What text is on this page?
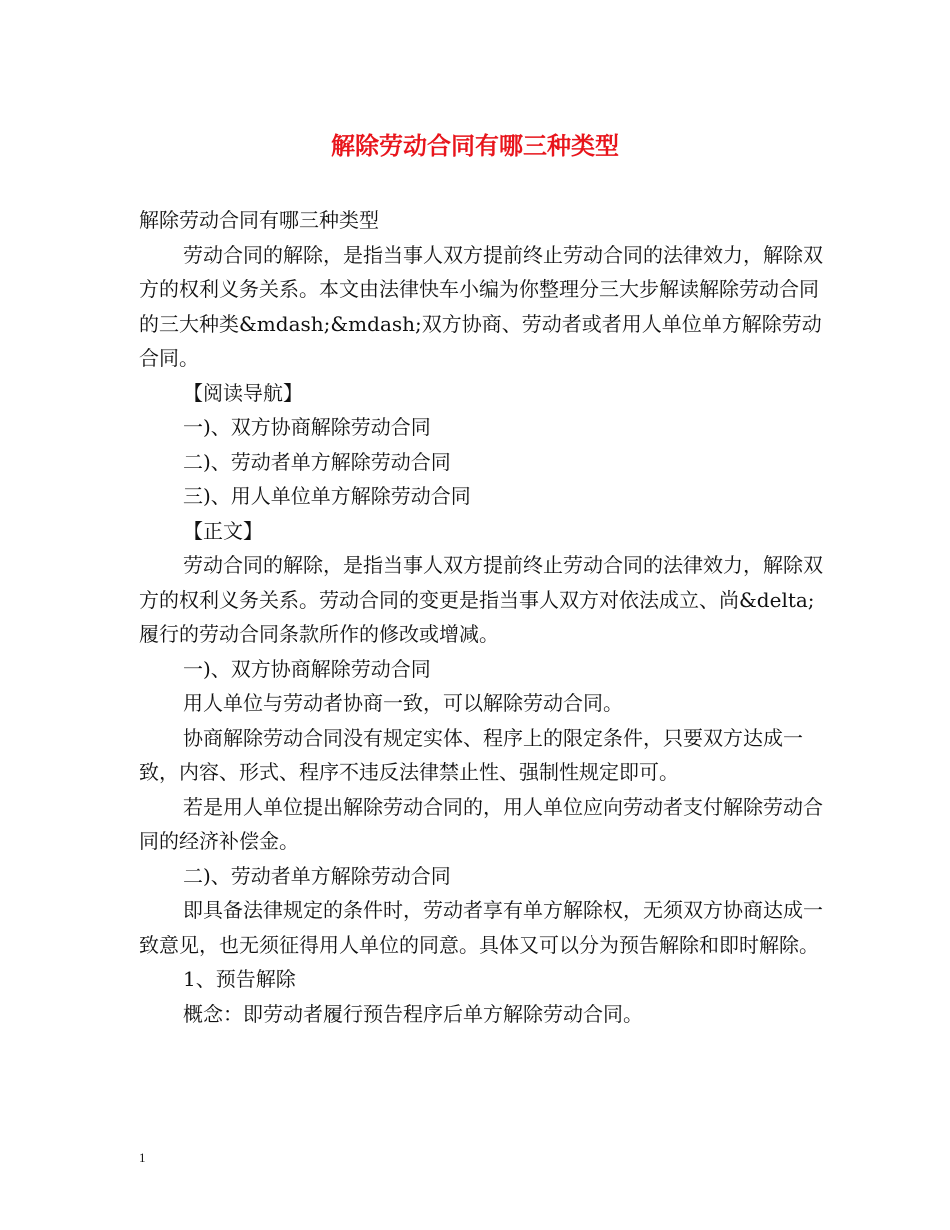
解除劳动合同有哪三种类型

解除劳动合同有哪三种类型

劳动合同的解除，是指当事人双方提前终止劳动合同的法律效力，解除双方的权利义务关系。本文由法律快车小编为你整理分三大步解读解除劳动合同的三大种类&mdash;&mdash;双方协商、劳动者或者用人单位单方解除劳动合同。

【阅读导航】

一)、双方协商解除劳动合同

二)、劳动者单方解除劳动合同

三)、用人单位单方解除劳动合同

【正文】

劳动合同的解除，是指当事人双方提前终止劳动合同的法律效力，解除双方的权利义务关系。劳动合同的变更是指当事人双方对依法成立、尚&delta;履行的劳动合同条款所作的修改或增减。

一)、双方协商解除劳动合同

用人单位与劳动者协商一致，可以解除劳动合同。

协商解除劳动合同没有规定实体、程序上的限定条件，只要双方达成一致，内容、形式、程序不违反法律禁止性、强制性规定即可。

若是用人单位提出解除劳动合同的，用人单位应向劳动者支付解除劳动合同的经济补偿金。

二)、劳动者单方解除劳动合同

即具备法律规定的条件时，劳动者享有单方解除权，无须双方协商达成一致意见，也无须征得用人单位的同意。具体又可以分为预告解除和即时解除。

1、预告解除

概念：即劳动者履行预告程序后单方解除劳动合同。

1
